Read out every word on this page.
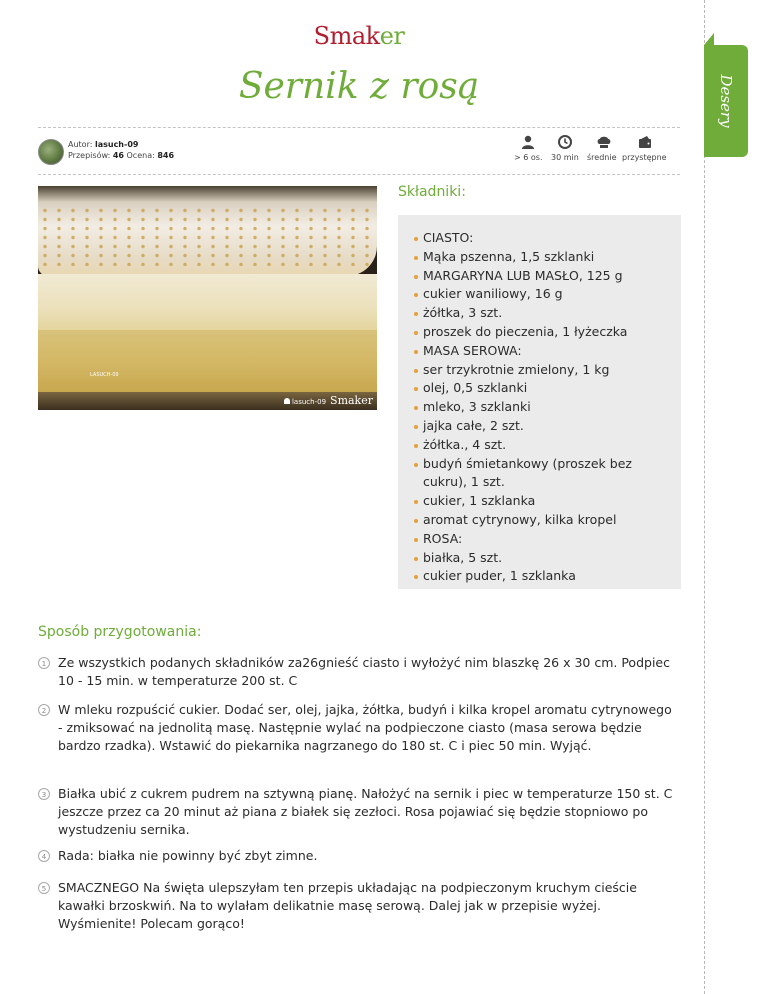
Desery
Smaker
Sernik z rosą
Autor: lasuch-09
Przepisów: 46 Ocena: 846	> 6 os. 30 min średnie przystępne
LASUCH-09
lasuch-09 Smaker
Składniki:
CIASTO:
Mąka pszenna, 1,5 szklanki
MARGARYNA LUB MASŁO, 125 g
cukier waniliowy, 16 g
żółtka, 3 szt.
proszek do pieczenia, 1 łyżeczka
MASA SEROWA:
ser trzykrotnie zmielony, 1 kg
olej, 0,5 szklanki
mleko, 3 szklanki
jajka całe, 2 szt.
żółtka., 4 szt.
budyń śmietankowy (proszek bez cukru), 1 szt.
cukier, 1 szklanka
aromat cytrynowy, kilka kropel
ROSA:
białka, 5 szt.
cukier puder, 1 szklanka
Sposób przygotowania:
1 Ze wszystkich podanych składników za26gnieść ciasto i wyłożyć nim blaszkę 26 x 30 cm. Podpiec 10 - 15 min. w temperaturze 200 st. C
2 W mleku rozpuścić cukier. Dodać ser, olej, jajka, żółtka, budyń i kilka kropel aromatu cytrynowego - zmiksować na jednolitą masę. Następnie wylać na podpieczone ciasto (masa serowa będzie bardzo rzadka). Wstawić do piekarnika nagrzanego do 180 st. C i piec 50 min. Wyjąć.
3 Białka ubić z cukrem pudrem na sztywną pianę. Nałożyć na sernik i piec w temperaturze 150 st. C jeszcze przez ca 20 minut aż piana z białek się zezłoci. Rosa pojawiać się będzie stopniowo po wystudzeniu sernika.
4 Rada: białka nie powinny być zbyt zimne.
5 SMACZNEGO Na święta ulepszyłam ten przepis układając na podpieczonym kruchym cieście kawałki brzoskwiń. Na to wylałam delikatnie masę serową. Dalej jak w przepisie wyżej. Wyśmienite! Polecam gorąco!
